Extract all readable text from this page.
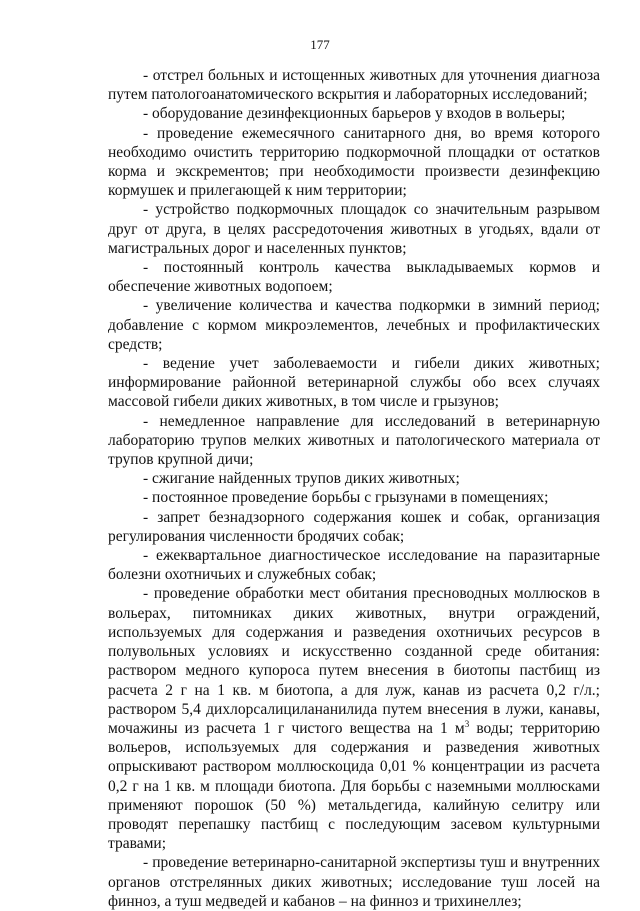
177

- отстрел больных и истощенных животных для уточнения диагноза путем патологоанатомического вскрытия и лабораторных исследований;

- оборудование дезинфекционных барьеров у входов в вольеры;

- проведение ежемесячного санитарного дня, во время которого необходимо очистить территорию подкормочной площадки от остатков корма и экскрементов; при необходимости произвести дезинфекцию кормушек и прилегающей к ним территории;

- устройство подкормочных площадок со значительным разрывом друг от друга, в целях рассредоточения животных в угодьях, вдали от магистральных дорог и населенных пунктов;

- постоянный контроль качества выкладываемых кормов и обеспечение животных водопоем;

- увеличение количества и качества подкормки в зимний период; добавление с кормом микроэлементов, лечебных и профилактических средств;

- ведение учет заболеваемости и гибели диких животных; информирование районной ветеринарной службы обо всех случаях массовой гибели диких животных, в том числе и грызунов;

- немедленное направление для исследований в ветеринарную лабораторию трупов мелких животных и патологического материала от трупов крупной дичи;

- сжигание найденных трупов диких животных;

- постоянное проведение борьбы с грызунами в помещениях;

- запрет безнадзорного содержания кошек и собак, организация регулирования численности бродячих собак;

- ежеквартальное диагностическое исследование на паразитарные болезни охотничьих и служебных собак;

- проведение обработки мест обитания пресноводных моллюсков в вольерах, питомниках диких животных, внутри ограждений, используемых для содержания и разведения охотничьих ресурсов в полувольных условиях и искусственно созданной среде обитания: раствором медного купороса путем внесения в биотопы пастбищ из расчета 2 г на 1 кв. м биотопа, а для луж, канав из расчета 0,2 г/л.; раствором 5,4 дихлорсалицилананилида путем внесения в лужи, канавы, мочажины из расчета 1 г чистого вещества на 1 $м^3$ воды; территорию вольеров, используемых для содержания и разведения животных опрыскивают раствором моллюскоцида 0,01 % концентрации из расчета 0,2 г на 1 кв. м площади биотопа. Для борьбы с наземными моллюсками применяют порошок (50 %) метальдегида, калийную селитру или проводят перепашку пастбищ с последующим засевом культурными травами;

- проведение ветеринарно-санитарной экспертизы туш и внутренних органов отстрелянных диких животных; исследование туш лосей на финноз, а туш медведей и кабанов – на финноз и трихинеллез;
